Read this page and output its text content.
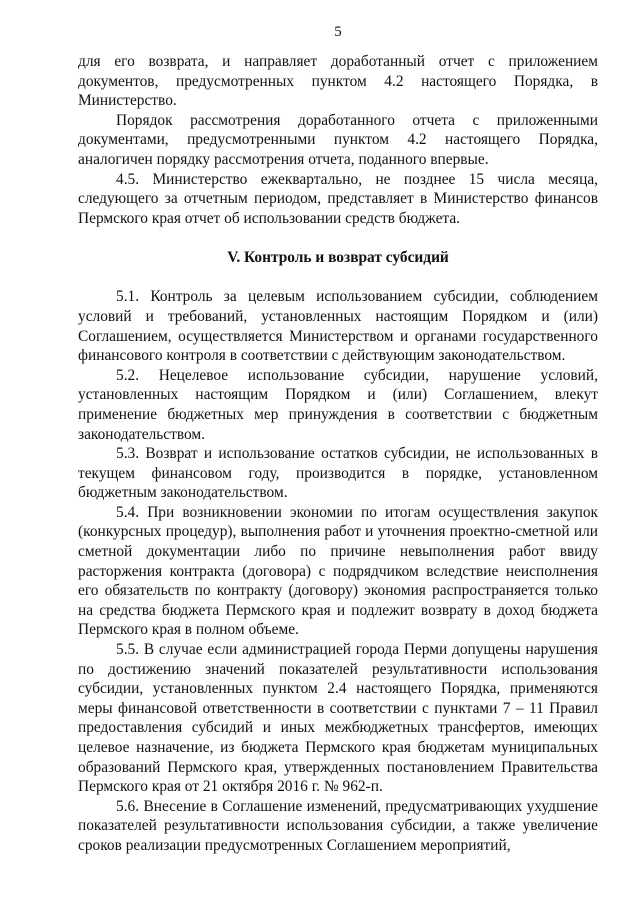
5

для его возврата, и направляет доработанный отчет с приложением документов, предусмотренных пунктом 4.2 настоящего Порядка, в Министерство.

Порядок рассмотрения доработанного отчета с приложенными документами, предусмотренными пунктом 4.2 настоящего Порядка, аналогичен порядку рассмотрения отчета, поданного впервые.

4.5. Министерство ежеквартально, не позднее 15 числа месяца, следующего за отчетным периодом, представляет в Министерство финансов Пермского края отчет об использовании средств бюджета.

V. Контроль и возврат субсидий

5.1. Контроль за целевым использованием субсидии, соблюдением условий и требований, установленных настоящим Порядком и (или) Соглашением, осуществляется Министерством и органами государственного финансового контроля в соответствии с действующим законодательством.

5.2. Нецелевое использование субсидии, нарушение условий, установленных настоящим Порядком и (или) Соглашением, влекут применение бюджетных мер принуждения в соответствии с бюджетным законодательством.

5.3. Возврат и использование остатков субсидии, не использованных в текущем финансовом году, производится в порядке, установленном бюджетным законодательством.

5.4. При возникновении экономии по итогам осуществления закупок (конкурсных процедур), выполнения работ и уточнения проектно-сметной или сметной документации либо по причине невыполнения работ ввиду расторжения контракта (договора) с подрядчиком вследствие неисполнения его обязательств по контракту (договору) экономия распространяется только на средства бюджета Пермского края и подлежит возврату в доход бюджета Пермского края в полном объеме.

5.5. В случае если администрацией города Перми допущены нарушения по достижению значений показателей результативности использования субсидии, установленных пунктом 2.4 настоящего Порядка, применяются меры финансовой ответственности в соответствии с пунктами 7 – 11 Правил предоставления субсидий и иных межбюджетных трансфертов, имеющих целевое назначение, из бюджета Пермского края бюджетам муниципальных образований Пермского края, утвержденных постановлением Правительства Пермского края от 21 октября 2016 г. № 962-п.

5.6. Внесение в Соглашение изменений, предусматривающих ухудшение показателей результативности использования субсидии, а также увеличение сроков реализации предусмотренных Соглашением мероприятий,
